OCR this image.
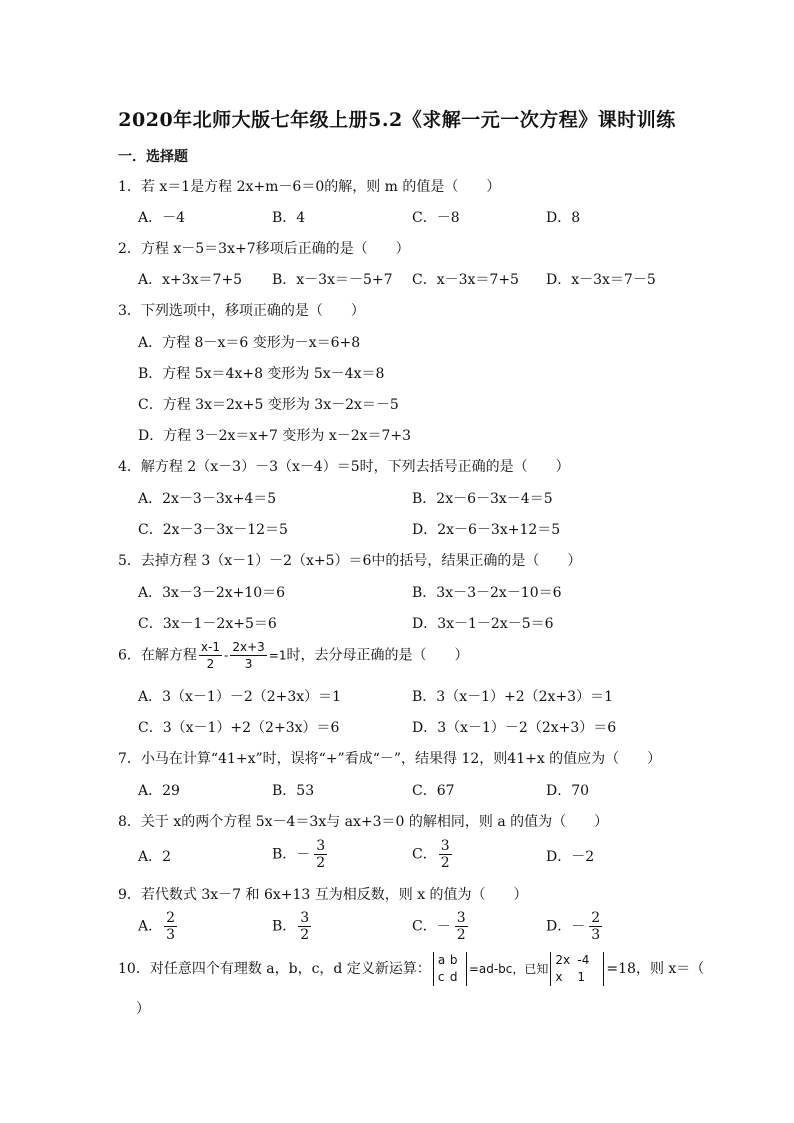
2020年北师大版七年级上册5.2《求解一元一次方程》课时训练
一．选择题
1．若 x＝1是方程 2x+m－6＝0的解，则 m 的值是（　　）
A．－4	B．4	C．－8	D．8
2．方程 x－5＝3x+7移项后正确的是（　　）
A．x+3x＝7+5 B．x－3x＝－5+7 C．x－3x＝7+5 D．x－3x＝7－5
3．下列选项中，移项正确的是（　　）
A．方程 8－x＝6 变形为－x＝6+8
B．方程 5x＝4x+8 变形为 5x－4x＝8
C．方程 3x＝2x+5 变形为 3x－2x＝－5
D．方程 3－2x＝x+7 变形为 x－2x＝7+3
4．解方程 2（x－3）－3（x－4）＝5时，下列去括号正确的是（　　）
A．2x－3－3x+4＝5	B．2x－6－3x－4＝5
C．2x－3－3x－12＝5	D．2x－6－3x+12＝5
5．去掉方程 3（x－1）－2（x+5）＝6中的括号，结果正确的是（　　）
A．3x－3－2x+10＝6	B．3x－3－2x－10＝6
C．3x－1－2x+5＝6	D．3x－1－2x－5＝6
6．在解方程 $\frac{x-1}{2} - \frac{2x+3}{3} =1$时，去分母正确的是（　　）
A．3（x－1）－2（2+3x）＝1	B．3（x－1）+2（2x+3）＝1
C．3（x－1）+2（2+3x）＝6	D．3（x－1）－2（2x+3）＝6
7．小马在计算“41+x”时，误将“+”看成“－”，结果得 12，则41+x 的值应为（　　）
A．29	B．53	C．67	D．70
8．关于 x的两个方程 5x－4＝3x与 ax+3＝0 的解相同，则 a 的值为（　　）
A．2	B．－ $\frac{3}{2}$	C． $\frac{3}{2}$	D．－2
9．若代数式 3x－7 和 6x+13 互为相反数，则 x 的值为（　　）
A． $\frac{2}{3}$	B． $\frac{3}{2}$	C．－ $\frac{3}{2}$	D．－ $\frac{2}{3}$
10．对任意四个有理数 a，b，c，d 定义新运算：
a b
c d
=ad-bc，已知
2x -4
x 1	=18，则 x＝（
）
